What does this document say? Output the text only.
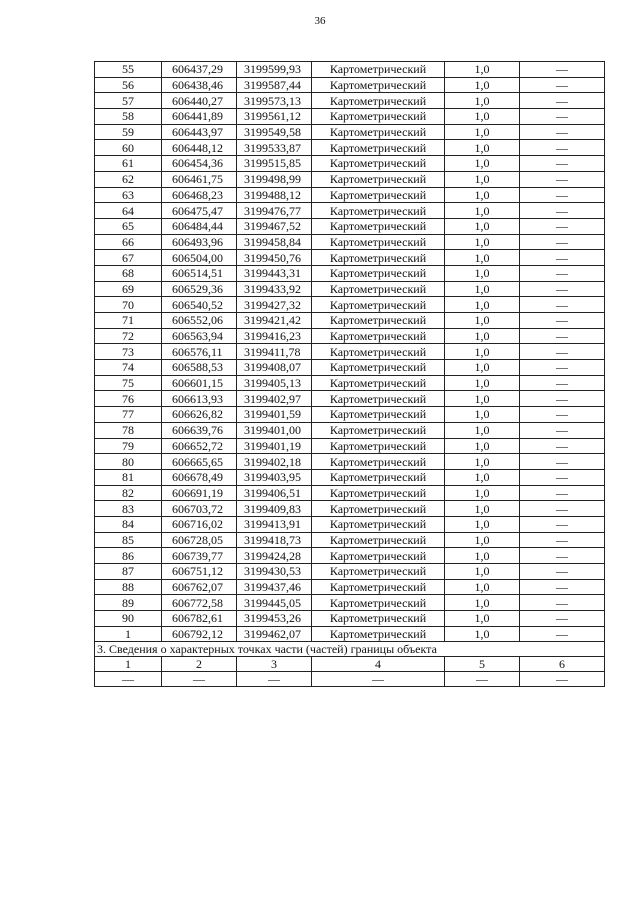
36
55	606437,29	3199599,93	Картометрический	1,0	—
56	606438,46	3199587,44	Картометрический	1,0	—
57	606440,27	3199573,13	Картометрический	1,0	—
58	606441,89	3199561,12	Картометрический	1,0	—
59	606443,97	3199549,58	Картометрический	1,0	—
60	606448,12	3199533,87	Картометрический	1,0	—
61	606454,36	3199515,85	Картометрический	1,0	—
62	606461,75	3199498,99	Картометрический	1,0	—
63	606468,23	3199488,12	Картометрический	1,0	—
64	606475,47	3199476,77	Картометрический	1,0	—
65	606484,44	3199467,52	Картометрический	1,0	—
66	606493,96	3199458,84	Картометрический	1,0	—
67	606504,00	3199450,76	Картометрический	1,0	—
68	606514,51	3199443,31	Картометрический	1,0	—
69	606529,36	3199433,92	Картометрический	1,0	—
70	606540,52	3199427,32	Картометрический	1,0	—
71	606552,06	3199421,42	Картометрический	1,0	—
72	606563,94	3199416,23	Картометрический	1,0	—
73	606576,11	3199411,78	Картометрический	1,0	—
74	606588,53	3199408,07	Картометрический	1,0	—
75	606601,15	3199405,13	Картометрический	1,0	—
76	606613,93	3199402,97	Картометрический	1,0	—
77	606626,82	3199401,59	Картометрический	1,0	—
78	606639,76	3199401,00	Картометрический	1,0	—
79	606652,72	3199401,19	Картометрический	1,0	—
80	606665,65	3199402,18	Картометрический	1,0	—
81	606678,49	3199403,95	Картометрический	1,0	—
82	606691,19	3199406,51	Картометрический	1,0	—
83	606703,72	3199409,83	Картометрический	1,0	—
84	606716,02	3199413,91	Картометрический	1,0	—
85	606728,05	3199418,73	Картометрический	1,0	—
86	606739,77	3199424,28	Картометрический	1,0	—
87	606751,12	3199430,53	Картометрический	1,0	—
88	606762,07	3199437,46	Картометрический	1,0	—
89	606772,58	3199445,05	Картометрический	1,0	—
90	606782,61	3199453,26	Картометрический	1,0	—
1	606792,12	3199462,07	Картометрический	1,0	—
3. Сведения о характерных точках части (частей) границы объекта					
1	2	3	4	5	6
—	—	—	—	—	—
